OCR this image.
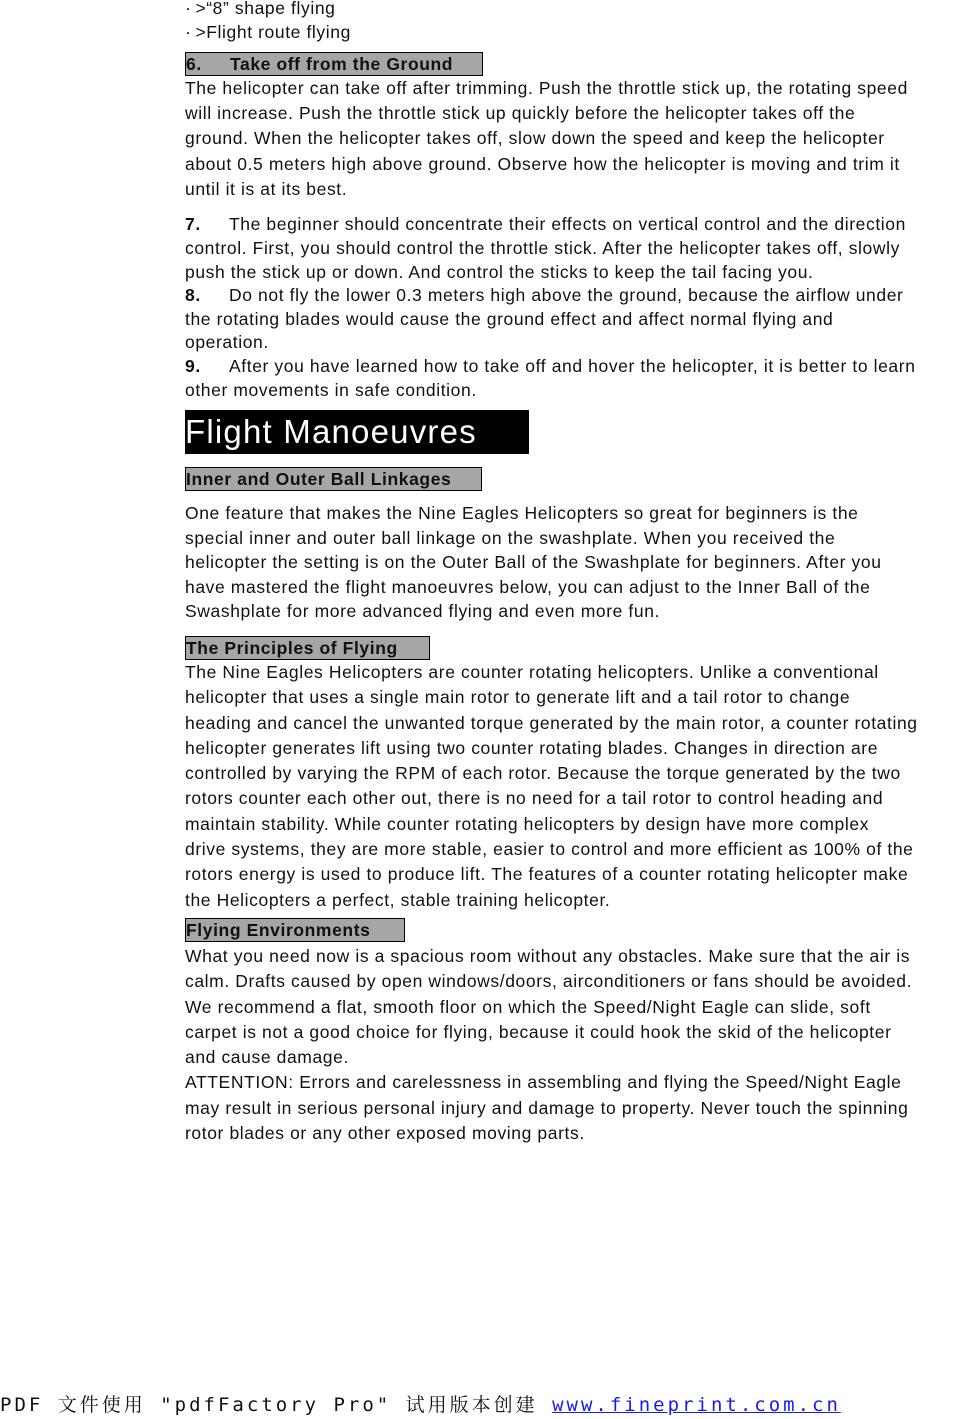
· >“8” shape flying
· >Flight route flying
6. Take off from the Ground
The helicopter can take off after trimming. Push the throttle stick up, the rotating speed
will increase. Push the throttle stick up quickly before the helicopter takes off the
ground. When the helicopter takes off, slow down the speed and keep the helicopter
about 0.5 meters high above ground. Observe how the helicopter is moving and trim it
until it is at its best.
7. The beginner should concentrate their effects on vertical control and the direction
control. First, you should control the throttle stick. After the helicopter takes off, slowly
push the stick up or down. And control the sticks to keep the tail facing you.
8. Do not fly the lower 0.3 meters high above the ground, because the airflow under
the rotating blades would cause the ground effect and affect normal flying and
operation.
9. After you have learned how to take off and hover the helicopter, it is better to learn
other movements in safe condition.
Flight Manoeuvres
Inner and Outer Ball Linkages
One feature that makes the Nine Eagles Helicopters so great for beginners is the
special inner and outer ball linkage on the swashplate. When you received the
helicopter the setting is on the Outer Ball of the Swashplate for beginners. After you
have mastered the flight manoeuvres below, you can adjust to the Inner Ball of the
Swashplate for more advanced flying and even more fun.
The Principles of Flying
The Nine Eagles Helicopters are counter rotating helicopters. Unlike a conventional
helicopter that uses a single main rotor to generate lift and a tail rotor to change
heading and cancel the unwanted torque generated by the main rotor, a counter rotating
helicopter generates lift using two counter rotating blades. Changes in direction are
controlled by varying the RPM of each rotor. Because the torque generated by the two
rotors counter each other out, there is no need for a tail rotor to control heading and
maintain stability. While counter rotating helicopters by design have more complex
drive systems, they are more stable, easier to control and more efficient as 100% of the
rotors energy is used to produce lift. The features of a counter rotating helicopter make
the Helicopters a perfect, stable training helicopter.
Flying Environments
What you need now is a spacious room without any obstacles. Make sure that the air is
calm. Drafts caused by open windows/doors, airconditioners or fans should be avoided.
We recommend a flat, smooth floor on which the Speed/Night Eagle can slide, soft
carpet is not a good choice for flying, because it could hook the skid of the helicopter
and cause damage.
ATTENTION: Errors and carelessness in assembling and flying the Speed/Night Eagle
may result in serious personal injury and damage to property. Never touch the spinning
rotor blades or any other exposed moving parts.
PDF 文件使用 "pdfFactory Pro" 试用版本创建 www.fineprint.com.cn
